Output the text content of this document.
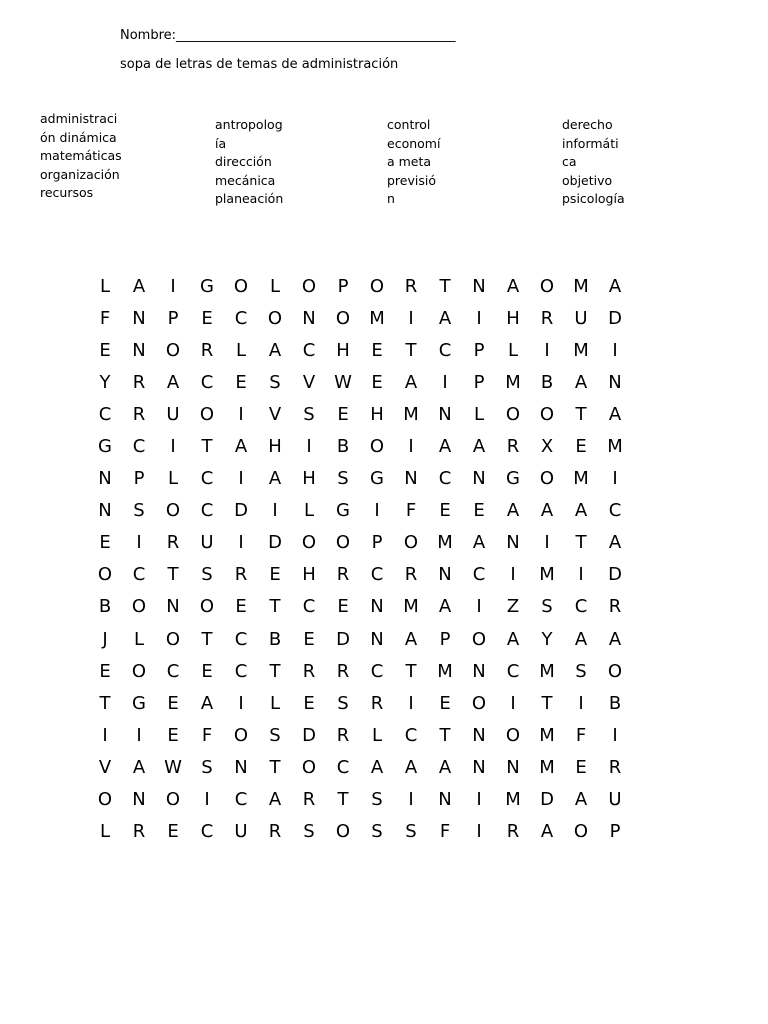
Nombre:___________________________________________
sopa de letras de temas de administración
administraci
ón dinámica
matemáticas
organización
recursos
antropolog
ía
dirección
mecánica
planeación
control
economí
a meta
previsió
n
derecho
informáti
ca
objetivo
psicología
L	A	I	G	O	L	O	P	O	R	T	N	A	O	M	A
F	N	P	E	C	O	N	O	M	I	A	I	H	R	U	D
E	N	O	R	L	A	C	H	E	T	C	P	L	I	M	I
Y	R	A	C	E	S	V	W	E	A	I	P	M	B	A	N
C	R	U	O	I	V	S	E	H	M	N	L	O	O	T	A
G	C	I	T	A	H	I	B	O	I	A	A	R	X	E	M
N	P	L	C	I	A	H	S	G	N	C	N	G	O	M	I
N	S	O	C	D	I	L	G	I	F	E	E	A	A	A	C
E	I	R	U	I	D	O	O	P	O	M	A	N	I	T	A
O	C	T	S	R	E	H	R	C	R	N	C	I	M	I	D
B	O	N	O	E	T	C	E	N	M	A	I	Z	S	C	R
J	L	O	T	C	B	E	D	N	A	P	O	A	Y	A	A
E	O	C	E	C	T	R	R	C	T	M	N	C	M	S	O
T	G	E	A	I	L	E	S	R	I	E	O	I	T	I	B
I	I	E	F	O	S	D	R	L	C	T	N	O	M	F	I
V	A	W	S	N	T	O	C	A	A	A	N	N	M	E	R
O	N	O	I	C	A	R	T	S	I	N	I	M	D	A	U
L	R	E	C	U	R	S	O	S	S	F	I	R	A	O	P
